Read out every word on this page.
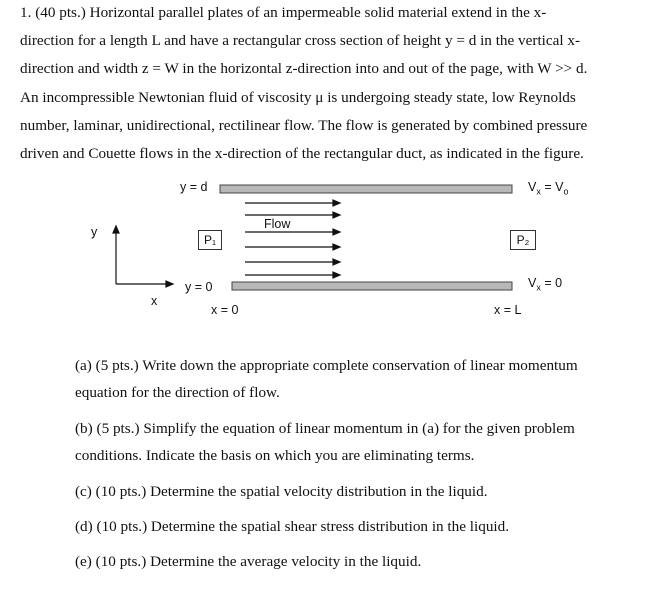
1. (40 pts.) Horizontal parallel plates of an impermeable solid material extend in the x-
direction for a length L and have a rectangular cross section of height y = d in the vertical x-
direction and width z = W in the horizontal z-direction into and out of the page, with W >> d.
An incompressible Newtonian fluid of viscosity μ is undergoing steady state, low Reynolds
number, laminar, unidirectional, rectilinear flow. The flow is generated by combined pressure
driven and Couette flows in the x-direction of the rectangular duct, as indicated in the figure.
y = d
y = 0
$V_x = V_o$
$V_x = 0$
Flow
P₁	P₂
y
x
x = 0	x = L
(a) (5 pts.) Write down the appropriate complete conservation of linear momentum
equation for the direction of flow.
(b) (5 pts.) Simplify the equation of linear momentum in (a) for the given problem
conditions. Indicate the basis on which you are eliminating terms.
(c) (10 pts.) Determine the spatial velocity distribution in the liquid.
(d) (10 pts.) Determine the spatial shear stress distribution in the liquid.
(e) (10 pts.) Determine the average velocity in the liquid.
